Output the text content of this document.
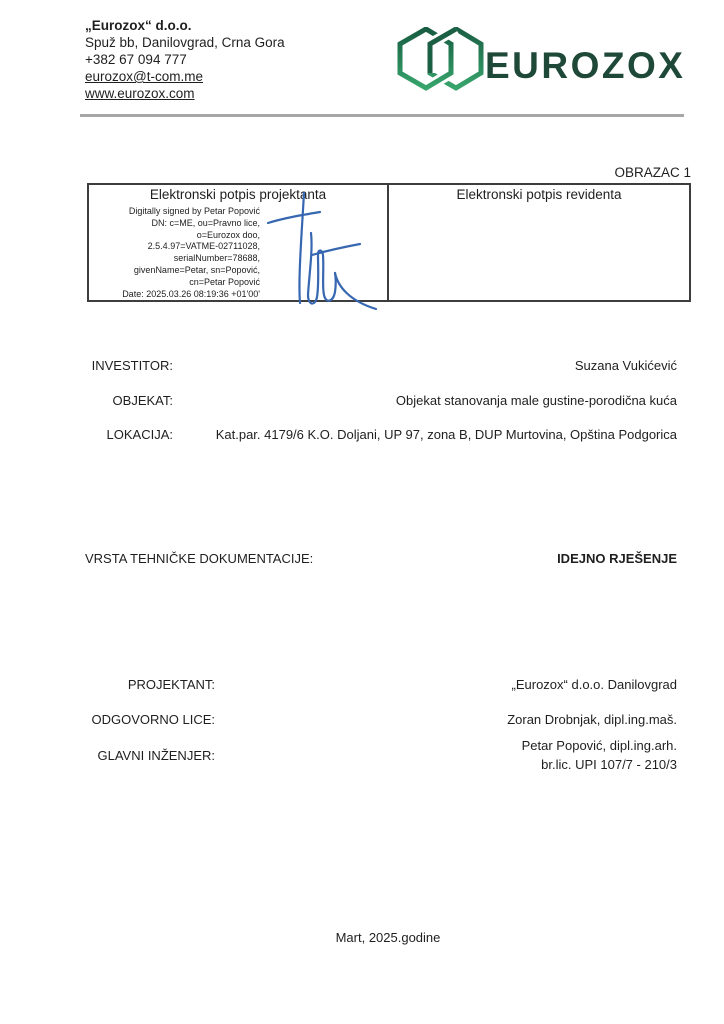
„Eurozox“ d.o.o.
Spuž bb, Danilovgrad, Crna Gora
+382 67 094 777
eurozox@t-com.me
www.eurozox.com
EUROZOX
OBRAZAC 1
Elektronski potpis projektanta
Digitally signed by Petar Popović
DN: c=ME, ou=Pravno lice,
o=Eurozox doo,
2.5.4.97=VATME-02711028,
serialNumber=78688,
givenName=Petar, sn=Popović,
cn=Petar Popović
Date: 2025.03.26 08:19:36 +01'00'
Elektronski potpis revidenta
INVESTITOR:	Suzana Vukićević
OBJEKAT:	Objekat stanovanja male gustine-porodična kuća
LOKACIJA:	Kat.par. 4179/6 K.O. Doljani, UP 97, zona B, DUP Murtovina, Opština Podgorica
VRSTA TEHNIČKE DOKUMENTACIJE:	IDEJNO RJEŠENJE
PROJEKTANT:	„Eurozox“ d.o.o. Danilovgrad
ODGOVORNO LICE:	Zoran Drobnjak, dipl.ing.maš.
GLAVNI INŽENJER:
Petar Popović, dipl.ing.arh.
br.lic. UPI 107/7 - 210/3
Mart, 2025.godine
